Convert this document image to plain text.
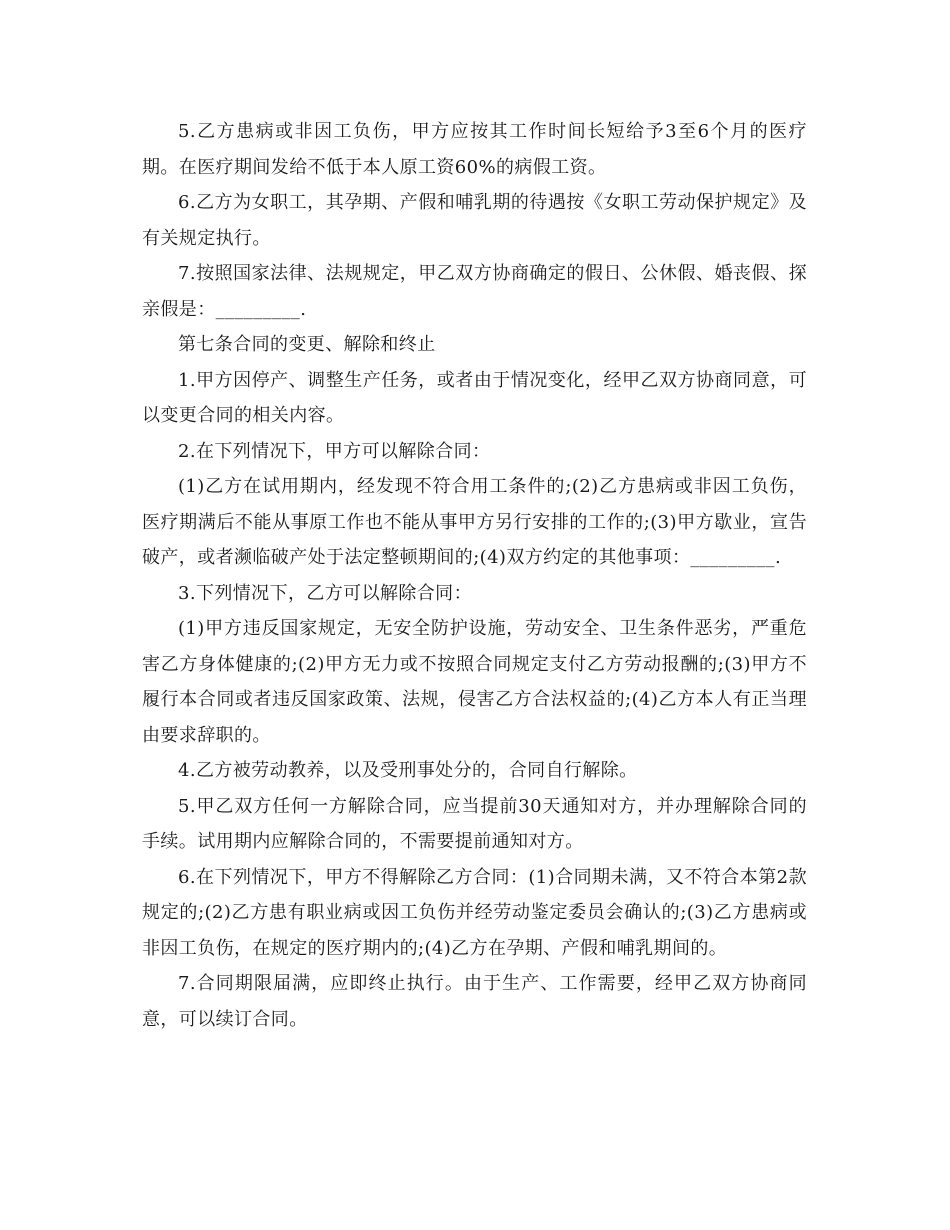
5.乙方患病或非因工负伤，甲方应按其工作时间长短给予3至6个月的医疗期。在医疗期间发给不低于本人原工资60%的病假工资。

6.乙方为女职工，其孕期、产假和哺乳期的待遇按《女职工劳动保护规定》及有关规定执行。

7.按照国家法律、法规规定，甲乙双方协商确定的假日、公休假、婚丧假、探亲假是：_________.

第七条合同的变更、解除和终止

1.甲方因停产、调整生产任务，或者由于情况变化，经甲乙双方协商同意，可以变更合同的相关内容。

2.在下列情况下，甲方可以解除合同：

(1)乙方在试用期内，经发现不符合用工条件的;(2)乙方患病或非因工负伤，医疗期满后不能从事原工作也不能从事甲方另行安排的工作的;(3)甲方歇业，宣告破产，或者濒临破产处于法定整顿期间的;(4)双方约定的其他事项：_________.

3.下列情况下，乙方可以解除合同：

(1)甲方违反国家规定，无安全防护设施，劳动安全、卫生条件恶劣，严重危害乙方身体健康的;(2)甲方无力或不按照合同规定支付乙方劳动报酬的;(3)甲方不履行本合同或者违反国家政策、法规，侵害乙方合法权益的;(4)乙方本人有正当理由要求辞职的。

4.乙方被劳动教养，以及受刑事处分的，合同自行解除。

5.甲乙双方任何一方解除合同，应当提前30天通知对方，并办理解除合同的手续。试用期内应解除合同的，不需要提前通知对方。

6.在下列情况下，甲方不得解除乙方合同：(1)合同期未满，又不符合本第2款规定的;(2)乙方患有职业病或因工负伤并经劳动鉴定委员会确认的;(3)乙方患病或非因工负伤，在规定的医疗期内的;(4)乙方在孕期、产假和哺乳期间的。

7.合同期限届满，应即终止执行。由于生产、工作需要，经甲乙双方协商同意，可以续订合同。
